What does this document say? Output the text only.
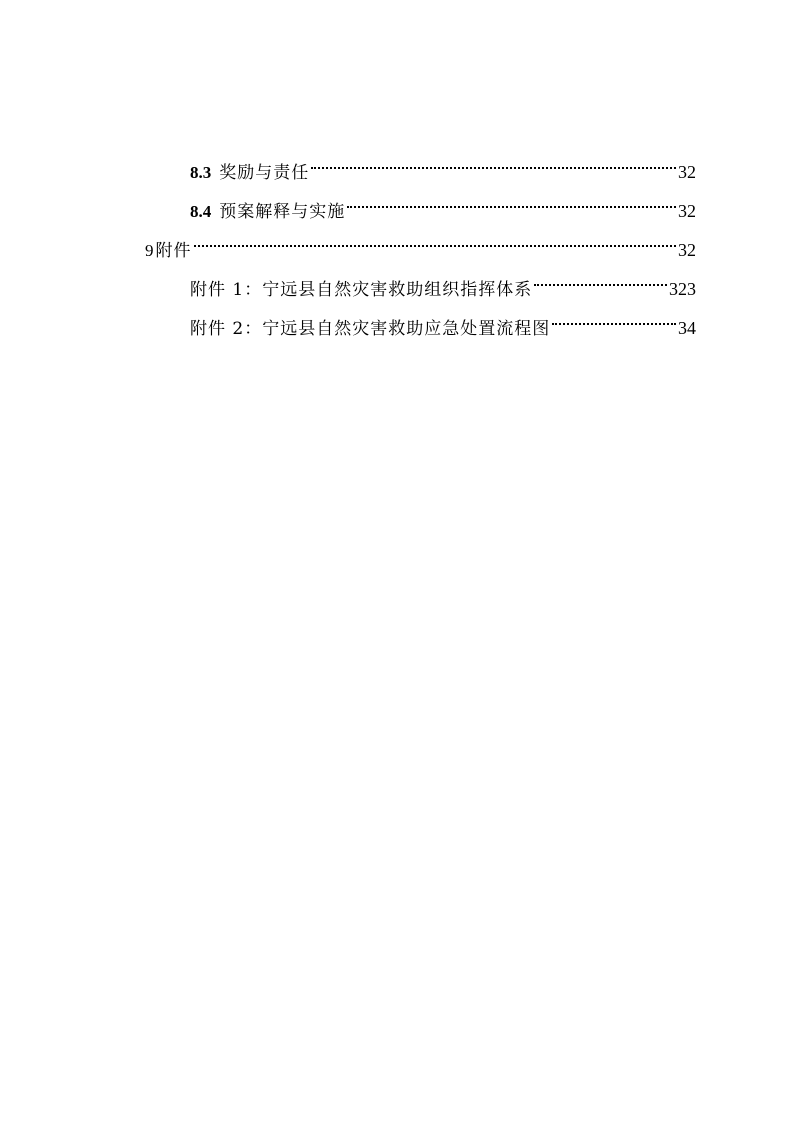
8.3 奖励与责任	32
8.4 预案解释与实施	32
9 附件	32
附件 1：宁远县自然灾害救助组织指挥体系	323
附件 2：宁远县自然灾害救助应急处置流程图	34
